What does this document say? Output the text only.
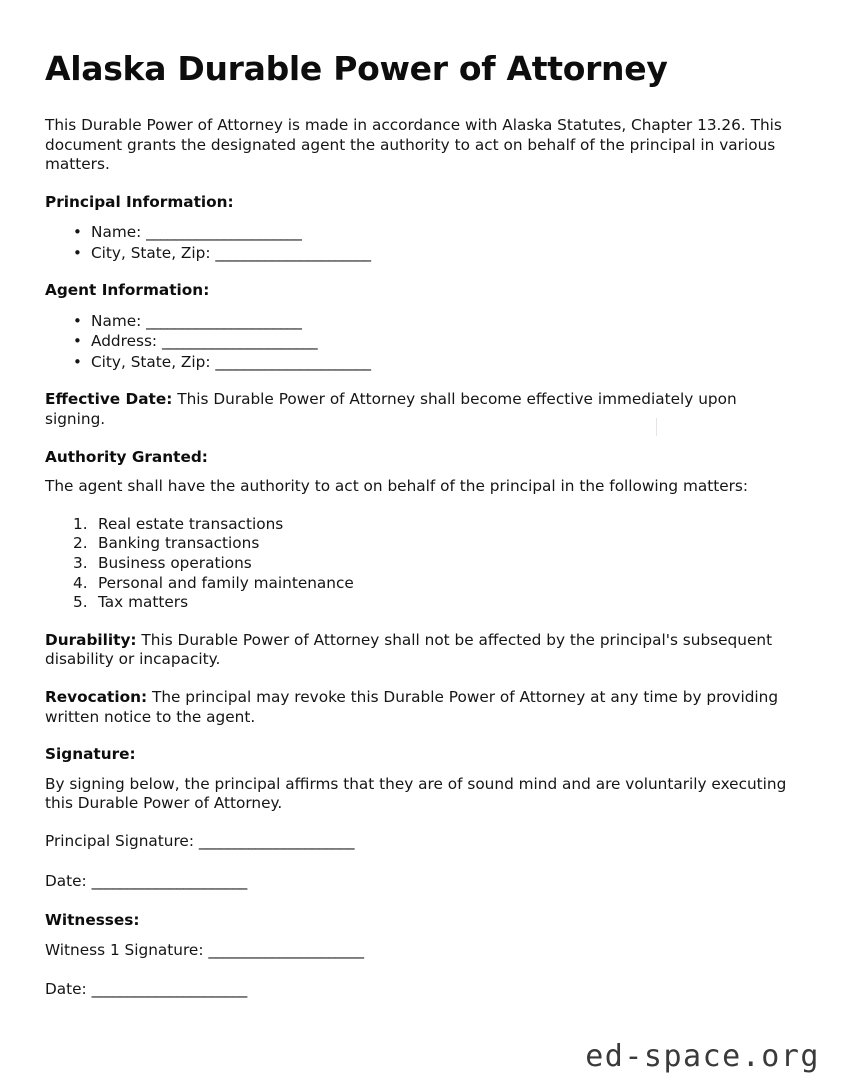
Alaska Durable Power of Attorney

This Durable Power of Attorney is made in accordance with Alaska Statutes, Chapter 13.26. This document grants the designated agent the authority to act on behalf of the principal in various matters.

Principal Information:
• Name: ______________________
• City, State, Zip: ______________________
Agent Information:
• Name: ______________________
• Address: ______________________
• City, State, Zip: ______________________

Effective Date: This Durable Power of Attorney shall become effective immediately upon signing.

Authority Granted:

The agent shall have the authority to act on behalf of the principal in the following matters:

Real estate transactions
Banking transactions
Business operations
Personal and family maintenance
Tax matters

Durability: This Durable Power of Attorney shall not be affected by the principal's subsequent disability or incapacity.

Revocation: The principal may revoke this Durable Power of Attorney at any time by providing written notice to the agent.

Signature:

By signing below, the principal affirms that they are of sound mind and are voluntarily executing this Durable Power of Attorney.

Principal Signature: ______________________

Date: ______________________

Witnesses:

Witness 1 Signature: ______________________

Date: ______________________

ed-space.org
